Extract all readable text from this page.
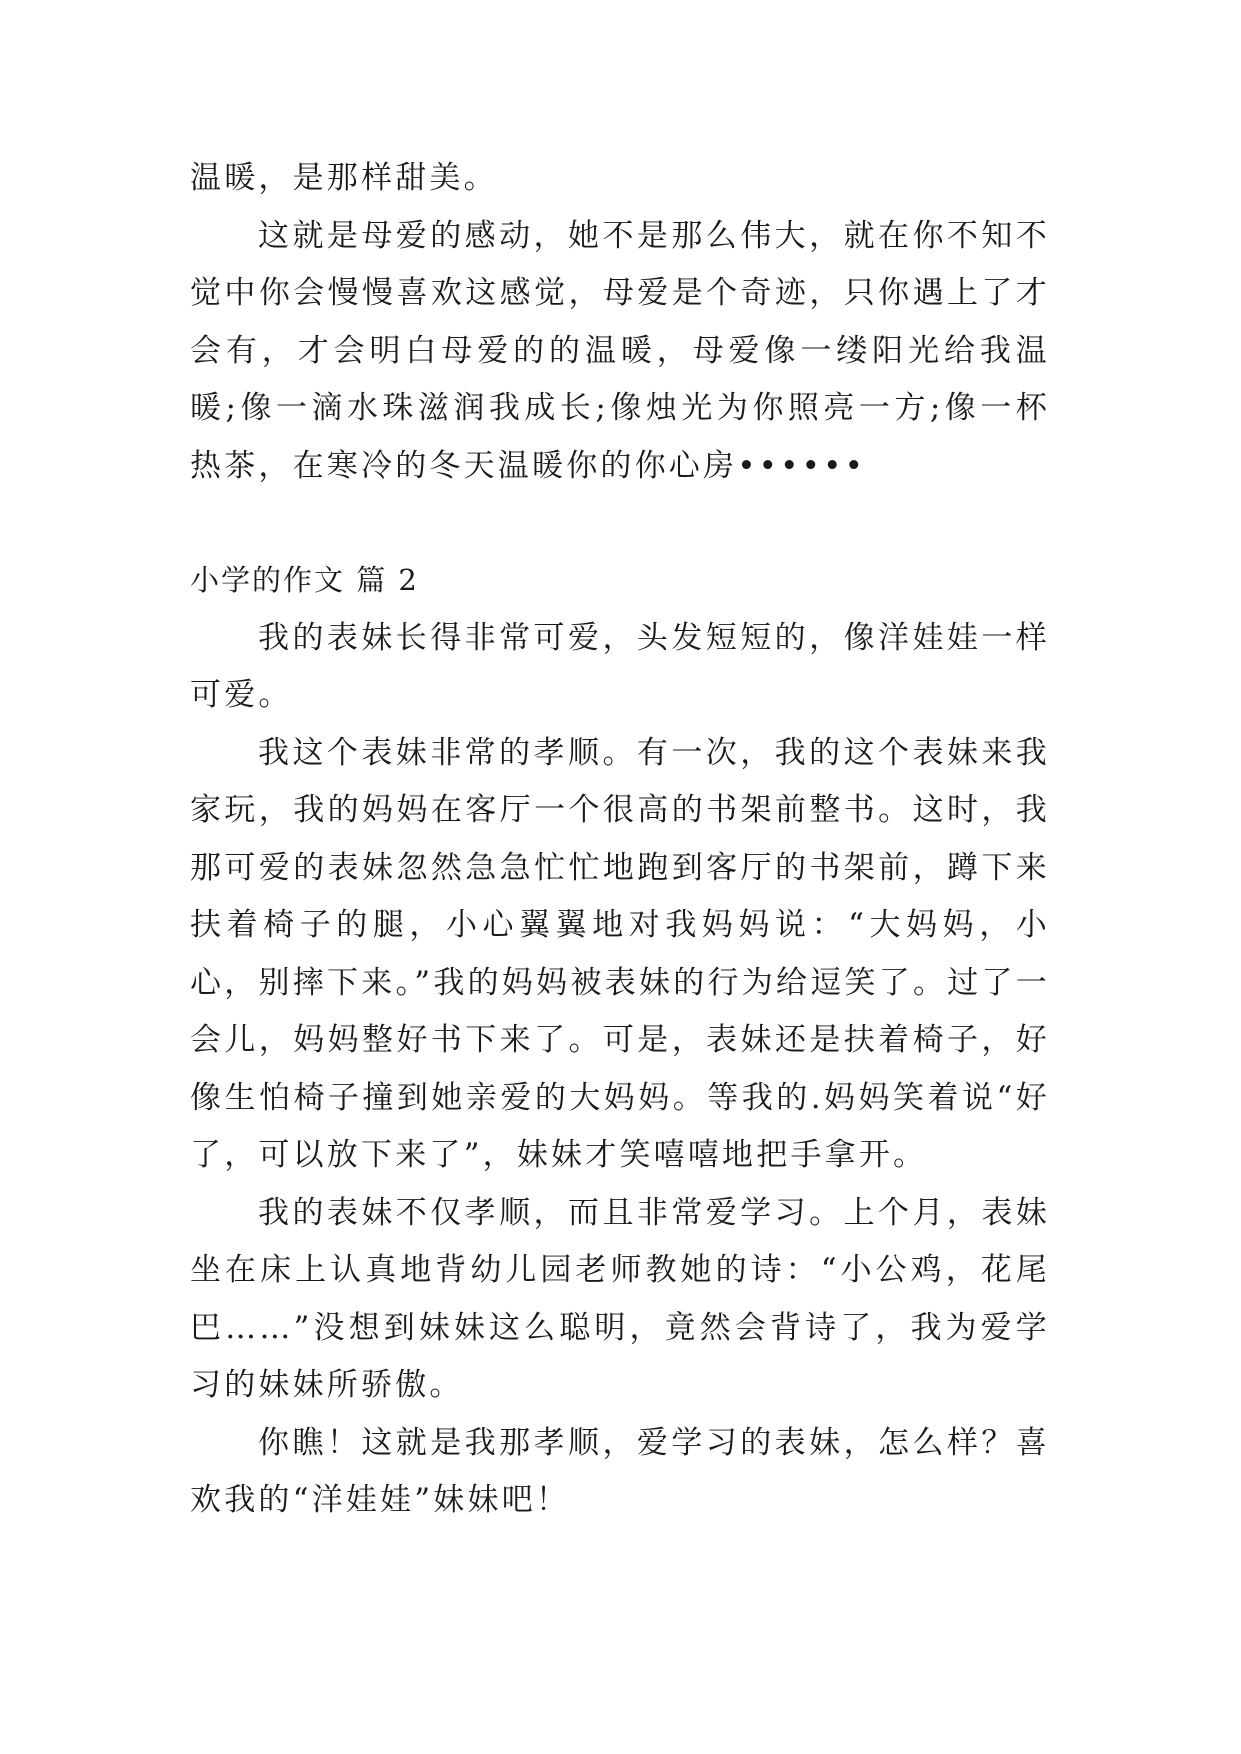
温暖，是那样甜美。

这就是母爱的感动，她不是那么伟大，就在你不知不觉中你会慢慢喜欢这感觉，母爱是个奇迹，只你遇上了才会有，才会明白母爱的的温暖，母爱像一缕阳光给我温暖;像一滴水珠滋润我成长;像烛光为你照亮一方;像一杯热茶，在寒冷的冬天温暖你的你心房••••••

小学的作文 篇 2

我的表妹长得非常可爱，头发短短的，像洋娃娃一样可爱。

我这个表妹非常的孝顺。有一次，我的这个表妹来我家玩，我的妈妈在客厅一个很高的书架前整书。这时，我那可爱的表妹忽然急急忙忙地跑到客厅的书架前，蹲下来扶着椅子的腿，小心翼翼地对我妈妈说：“大妈妈，小心，别摔下来。”我的妈妈被表妹的行为给逗笑了。过了一会儿，妈妈整好书下来了。可是，表妹还是扶着椅子，好像生怕椅子撞到她亲爱的大妈妈。等我的.妈妈笑着说“好了，可以放下来了”，妹妹才笑嘻嘻地把手拿开。

我的表妹不仅孝顺，而且非常爱学习。上个月，表妹坐在床上认真地背幼儿园老师教她的诗：“小公鸡，花尾巴……”没想到妹妹这么聪明，竟然会背诗了，我为爱学习的妹妹所骄傲。

你瞧！这就是我那孝顺，爱学习的表妹，怎么样？喜欢我的“洋娃娃”妹妹吧！
